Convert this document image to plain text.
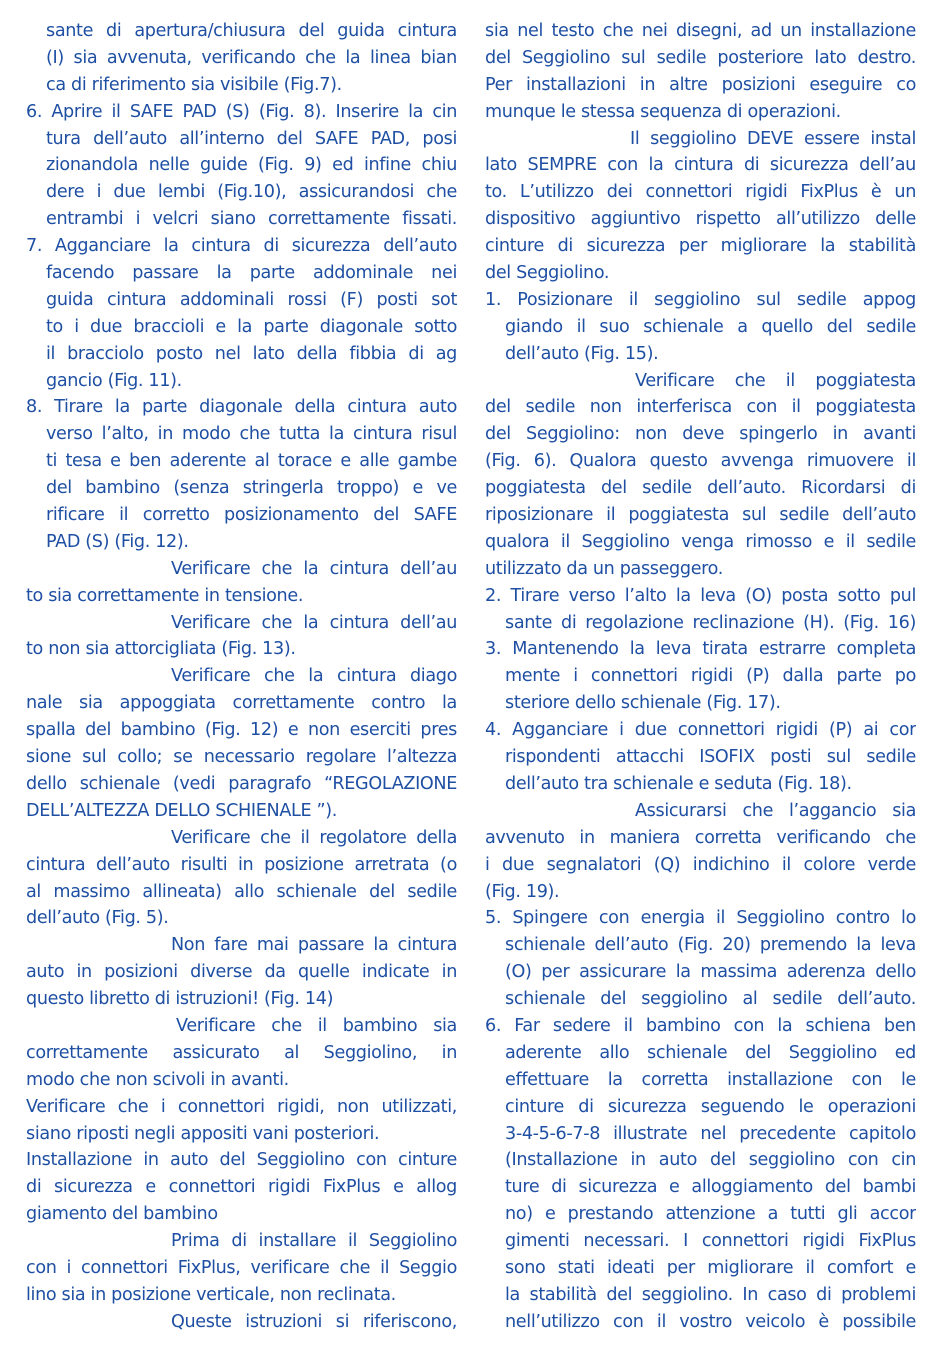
sante di apertura/chiusura del guida cintura
(I) sia avvenuta, verificando che la linea bian
ca di riferimento sia visibile (Fig.7).
6. Aprire il SAFE PAD (S) (Fig. 8). Inserire la cin
tura dell’auto all’interno del SAFE PAD, posi
zionandola nelle guide (Fig. 9) ed infine chiu
dere i due lembi (Fig.10), assicurandosi che
entrambi i velcri siano correttamente fissati.
7. Agganciare la cintura di sicurezza dell’auto
facendo passare la parte addominale nei
guida cintura addominali rossi (F) posti sot
to i due braccioli e la parte diagonale sotto
il bracciolo posto nel lato della fibbia di ag
gancio (Fig. 11).
8. Tirare la parte diagonale della cintura auto
verso l’alto, in modo che tutta la cintura risul
ti tesa e ben aderente al torace e alle gambe
del bambino (senza stringerla troppo) e ve
rificare il corretto posizionamento del SAFE
PAD (S) (Fig. 12).
Verificare che la cintura dell’au
to sia correttamente in tensione.
Verificare che la cintura dell’au
to non sia attorcigliata (Fig. 13).
Verificare che la cintura diago
nale sia appoggiata correttamente contro la
spalla del bambino (Fig. 12) e non eserciti pres
sione sul collo; se necessario regolare l’altezza
dello schienale (vedi paragrafo “REGOLAZIONE
DELL’ALTEZZA DELLO SCHIENALE ”).
Verificare che il regolatore della
cintura dell’auto risulti in posizione arretrata (o
al massimo allineata) allo schienale del sedile
dell’auto (Fig. 5).
Non fare mai passare la cintura
auto in posizioni diverse da quelle indicate in
questo libretto di istruzioni! (Fig. 14)
Verificare che il bambino sia
correttamente assicurato al Seggiolino, in
modo che non scivoli in avanti.
Verificare che i connettori rigidi, non utilizzati,
siano riposti negli appositi vani posteriori.
Installazione in auto del Seggiolino con cinture
di sicurezza e connettori rigidi FixPlus e allog
giamento del bambino
Prima di installare il Seggiolino
con i connettori FixPlus, verificare che il Seggio
lino sia in posizione verticale, non reclinata.
Queste istruzioni si riferiscono,
sia nel testo che nei disegni, ad un installazione
del Seggiolino sul sedile posteriore lato destro.
Per installazioni in altre posizioni eseguire co
munque le stessa sequenza di operazioni.
Il seggiolino DEVE essere instal
lato SEMPRE con la cintura di sicurezza dell’au
to. L’utilizzo dei connettori rigidi FixPlus è un
dispositivo aggiuntivo rispetto all’utilizzo delle
cinture di sicurezza per migliorare la stabilità
del Seggiolino.
1. Posizionare il seggiolino sul sedile appog
giando il suo schienale a quello del sedile
dell’auto (Fig. 15).
Verificare che il poggiatesta
del sedile non interferisca con il poggiatesta
del Seggiolino: non deve spingerlo in avanti
(Fig. 6). Qualora questo avvenga rimuovere il
poggiatesta del sedile dell’auto. Ricordarsi di
riposizionare il poggiatesta sul sedile dell’auto
qualora il Seggiolino venga rimosso e il sedile
utilizzato da un passeggero.
2. Tirare verso l’alto la leva (O) posta sotto pul
sante di regolazione reclinazione (H). (Fig. 16)
3. Mantenendo la leva tirata estrarre completa
mente i connettori rigidi (P) dalla parte po
steriore dello schienale (Fig. 17).
4. Agganciare i due connettori rigidi (P) ai cor
rispondenti attacchi ISOFIX posti sul sedile
dell’auto tra schienale e seduta (Fig. 18).
Assicurarsi che l’aggancio sia
avvenuto in maniera corretta verificando che
i due segnalatori (Q) indichino il colore verde
(Fig. 19).
5. Spingere con energia il Seggiolino contro lo
schienale dell’auto (Fig. 20) premendo la leva
(O) per assicurare la massima aderenza dello
schienale del seggiolino al sedile dell’auto.
6. Far sedere il bambino con la schiena ben
aderente allo schienale del Seggiolino ed
effettuare la corretta installazione con le
cinture di sicurezza seguendo le operazioni
3-4-5-6-7-8 illustrate nel precedente capitolo
(Installazione in auto del seggiolino con cin
ture di sicurezza e alloggiamento del bambi
no) e prestando attenzione a tutti gli accor
gimenti necessari. I connettori rigidi FixPlus
sono stati ideati per migliorare il comfort e
la stabilità del seggiolino. In caso di problemi
nell’utilizzo con il vostro veicolo è possibile
